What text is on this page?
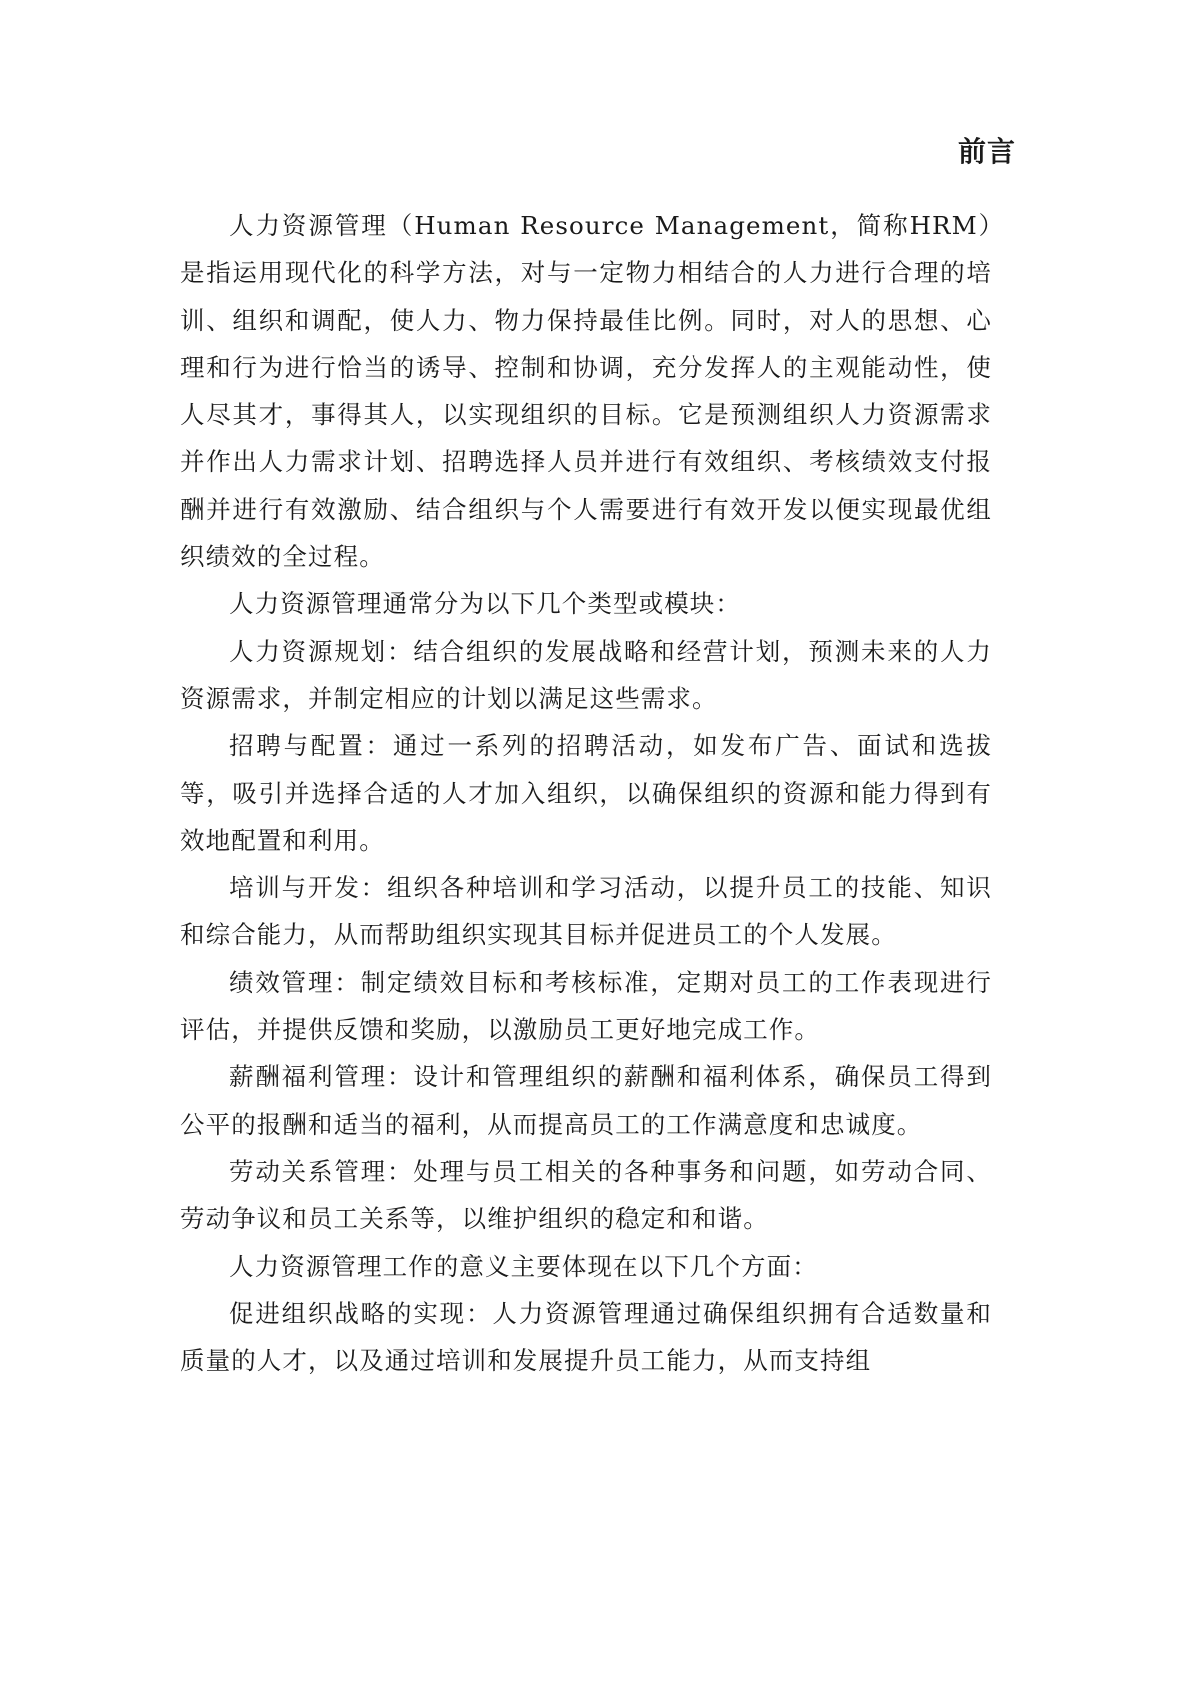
前言

人力资源管理（Human Resource Management，简称HRM）是指运用现代化的科学方法，对与一定物力相结合的人力进行合理的培训、组织和调配，使人力、物力保持最佳比例。同时，对人的思想、心理和行为进行恰当的诱导、控制和协调，充分发挥人的主观能动性，使人尽其才，事得其人，以实现组织的目标。它是预测组织人力资源需求并作出人力需求计划、招聘选择人员并进行有效组织、考核绩效支付报酬并进行有效激励、结合组织与个人需要进行有效开发以便实现最优组织绩效的全过程。

人力资源管理通常分为以下几个类型或模块：

人力资源规划：结合组织的发展战略和经营计划，预测未来的人力资源需求，并制定相应的计划以满足这些需求。

招聘与配置：通过一系列的招聘活动，如发布广告、面试和选拔等，吸引并选择合适的人才加入组织，以确保组织的资源和能力得到有效地配置和利用。

培训与开发：组织各种培训和学习活动，以提升员工的技能、知识和综合能力，从而帮助组织实现其目标并促进员工的个人发展。

绩效管理：制定绩效目标和考核标准，定期对员工的工作表现进行评估，并提供反馈和奖励，以激励员工更好地完成工作。

薪酬福利管理：设计和管理组织的薪酬和福利体系，确保员工得到公平的报酬和适当的福利，从而提高员工的工作满意度和忠诚度。

劳动关系管理：处理与员工相关的各种事务和问题，如劳动合同、劳动争议和员工关系等，以维护组织的稳定和和谐。

人力资源管理工作的意义主要体现在以下几个方面：

促进组织战略的实现：人力资源管理通过确保组织拥有合适数量和质量的人才，以及通过培训和发展提升员工能力，从而支持组
